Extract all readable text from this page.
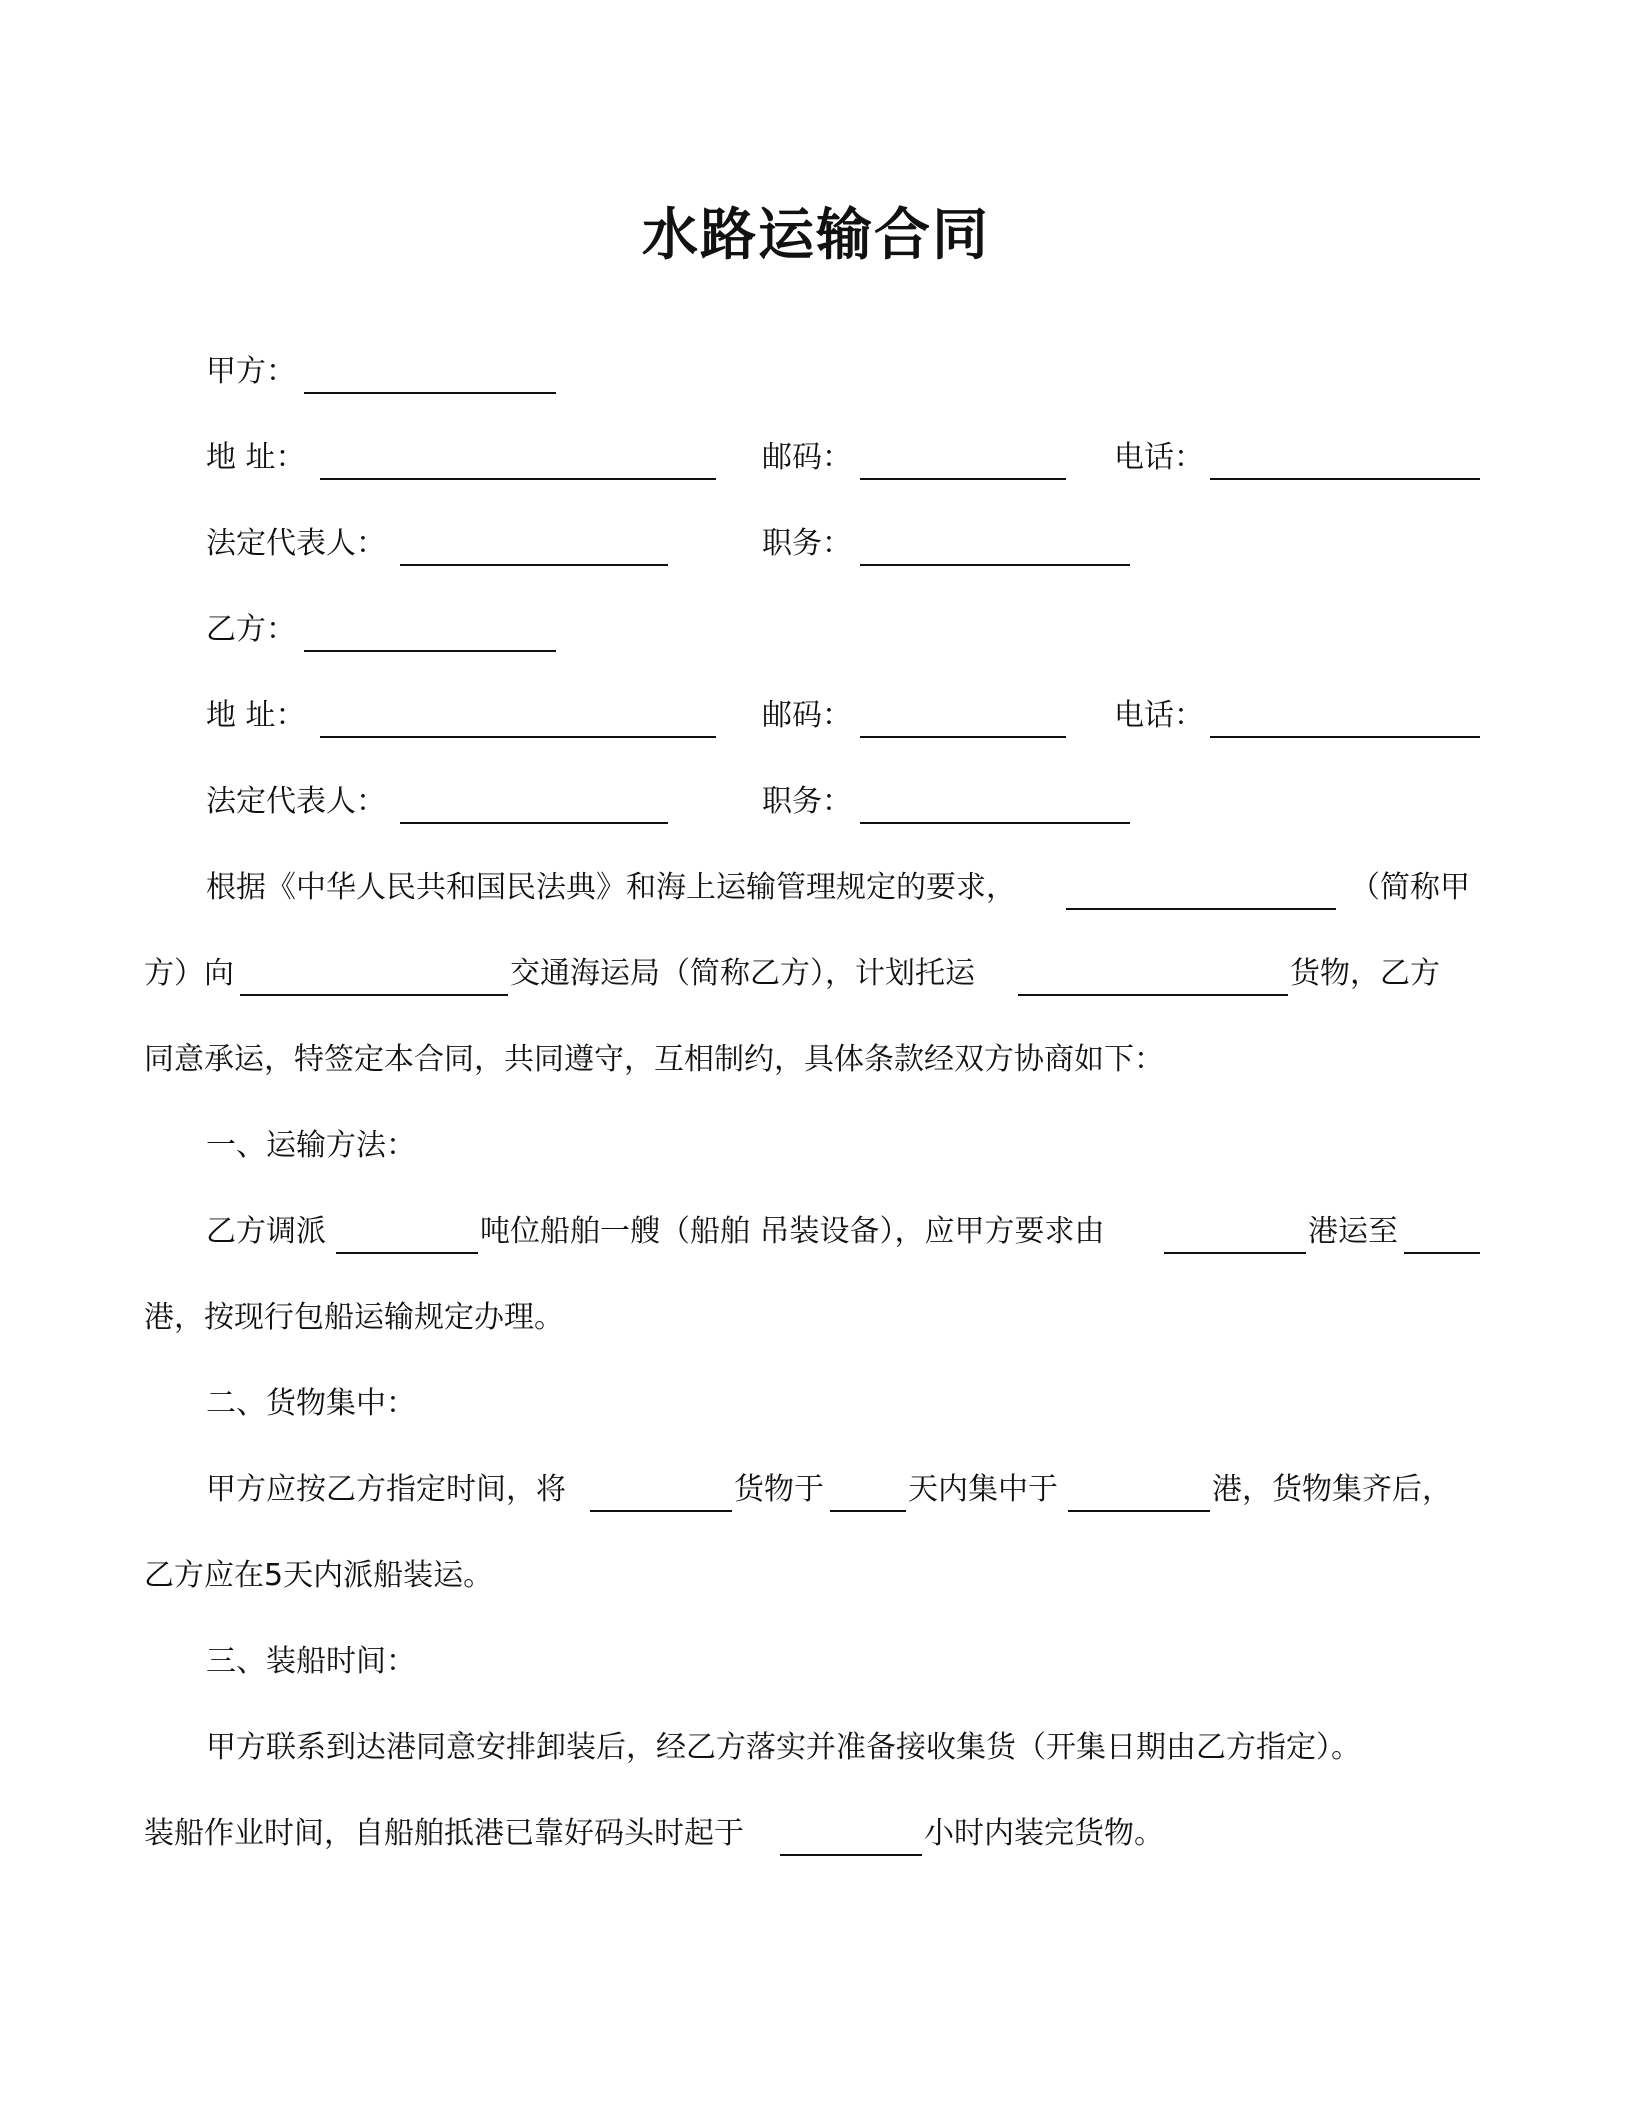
水路运输合同
甲方：
地 址：	邮码：	电话：
法定代表人：	职务：
乙方：
地 址：	邮码：	电话：
法定代表人：	职务：
根据《中华人民共和国民法典》和海上运输管理规定的要求，	（简称甲
方）向	交通海运局（简称乙方），计划托运	货物，乙方
同意承运，特签定本合同，共同遵守，互相制约，具体条款经双方协商如下：
一、运输方法：
乙方调派	吨位船舶一艘（船舶 吊装设备），应甲方要求由	港运至
港，按现行包船运输规定办理。
二、货物集中：
甲方应按乙方指定时间，将	货物于	天内集中于	港，货物集齐后，
乙方应在5天内派船装运。
三、装船时间：
甲方联系到达港同意安排卸装后，经乙方落实并准备接收集货（开集日期由乙方指定）。
装船作业时间，自船舶抵港已靠好码头时起于	小时内装完货物。
